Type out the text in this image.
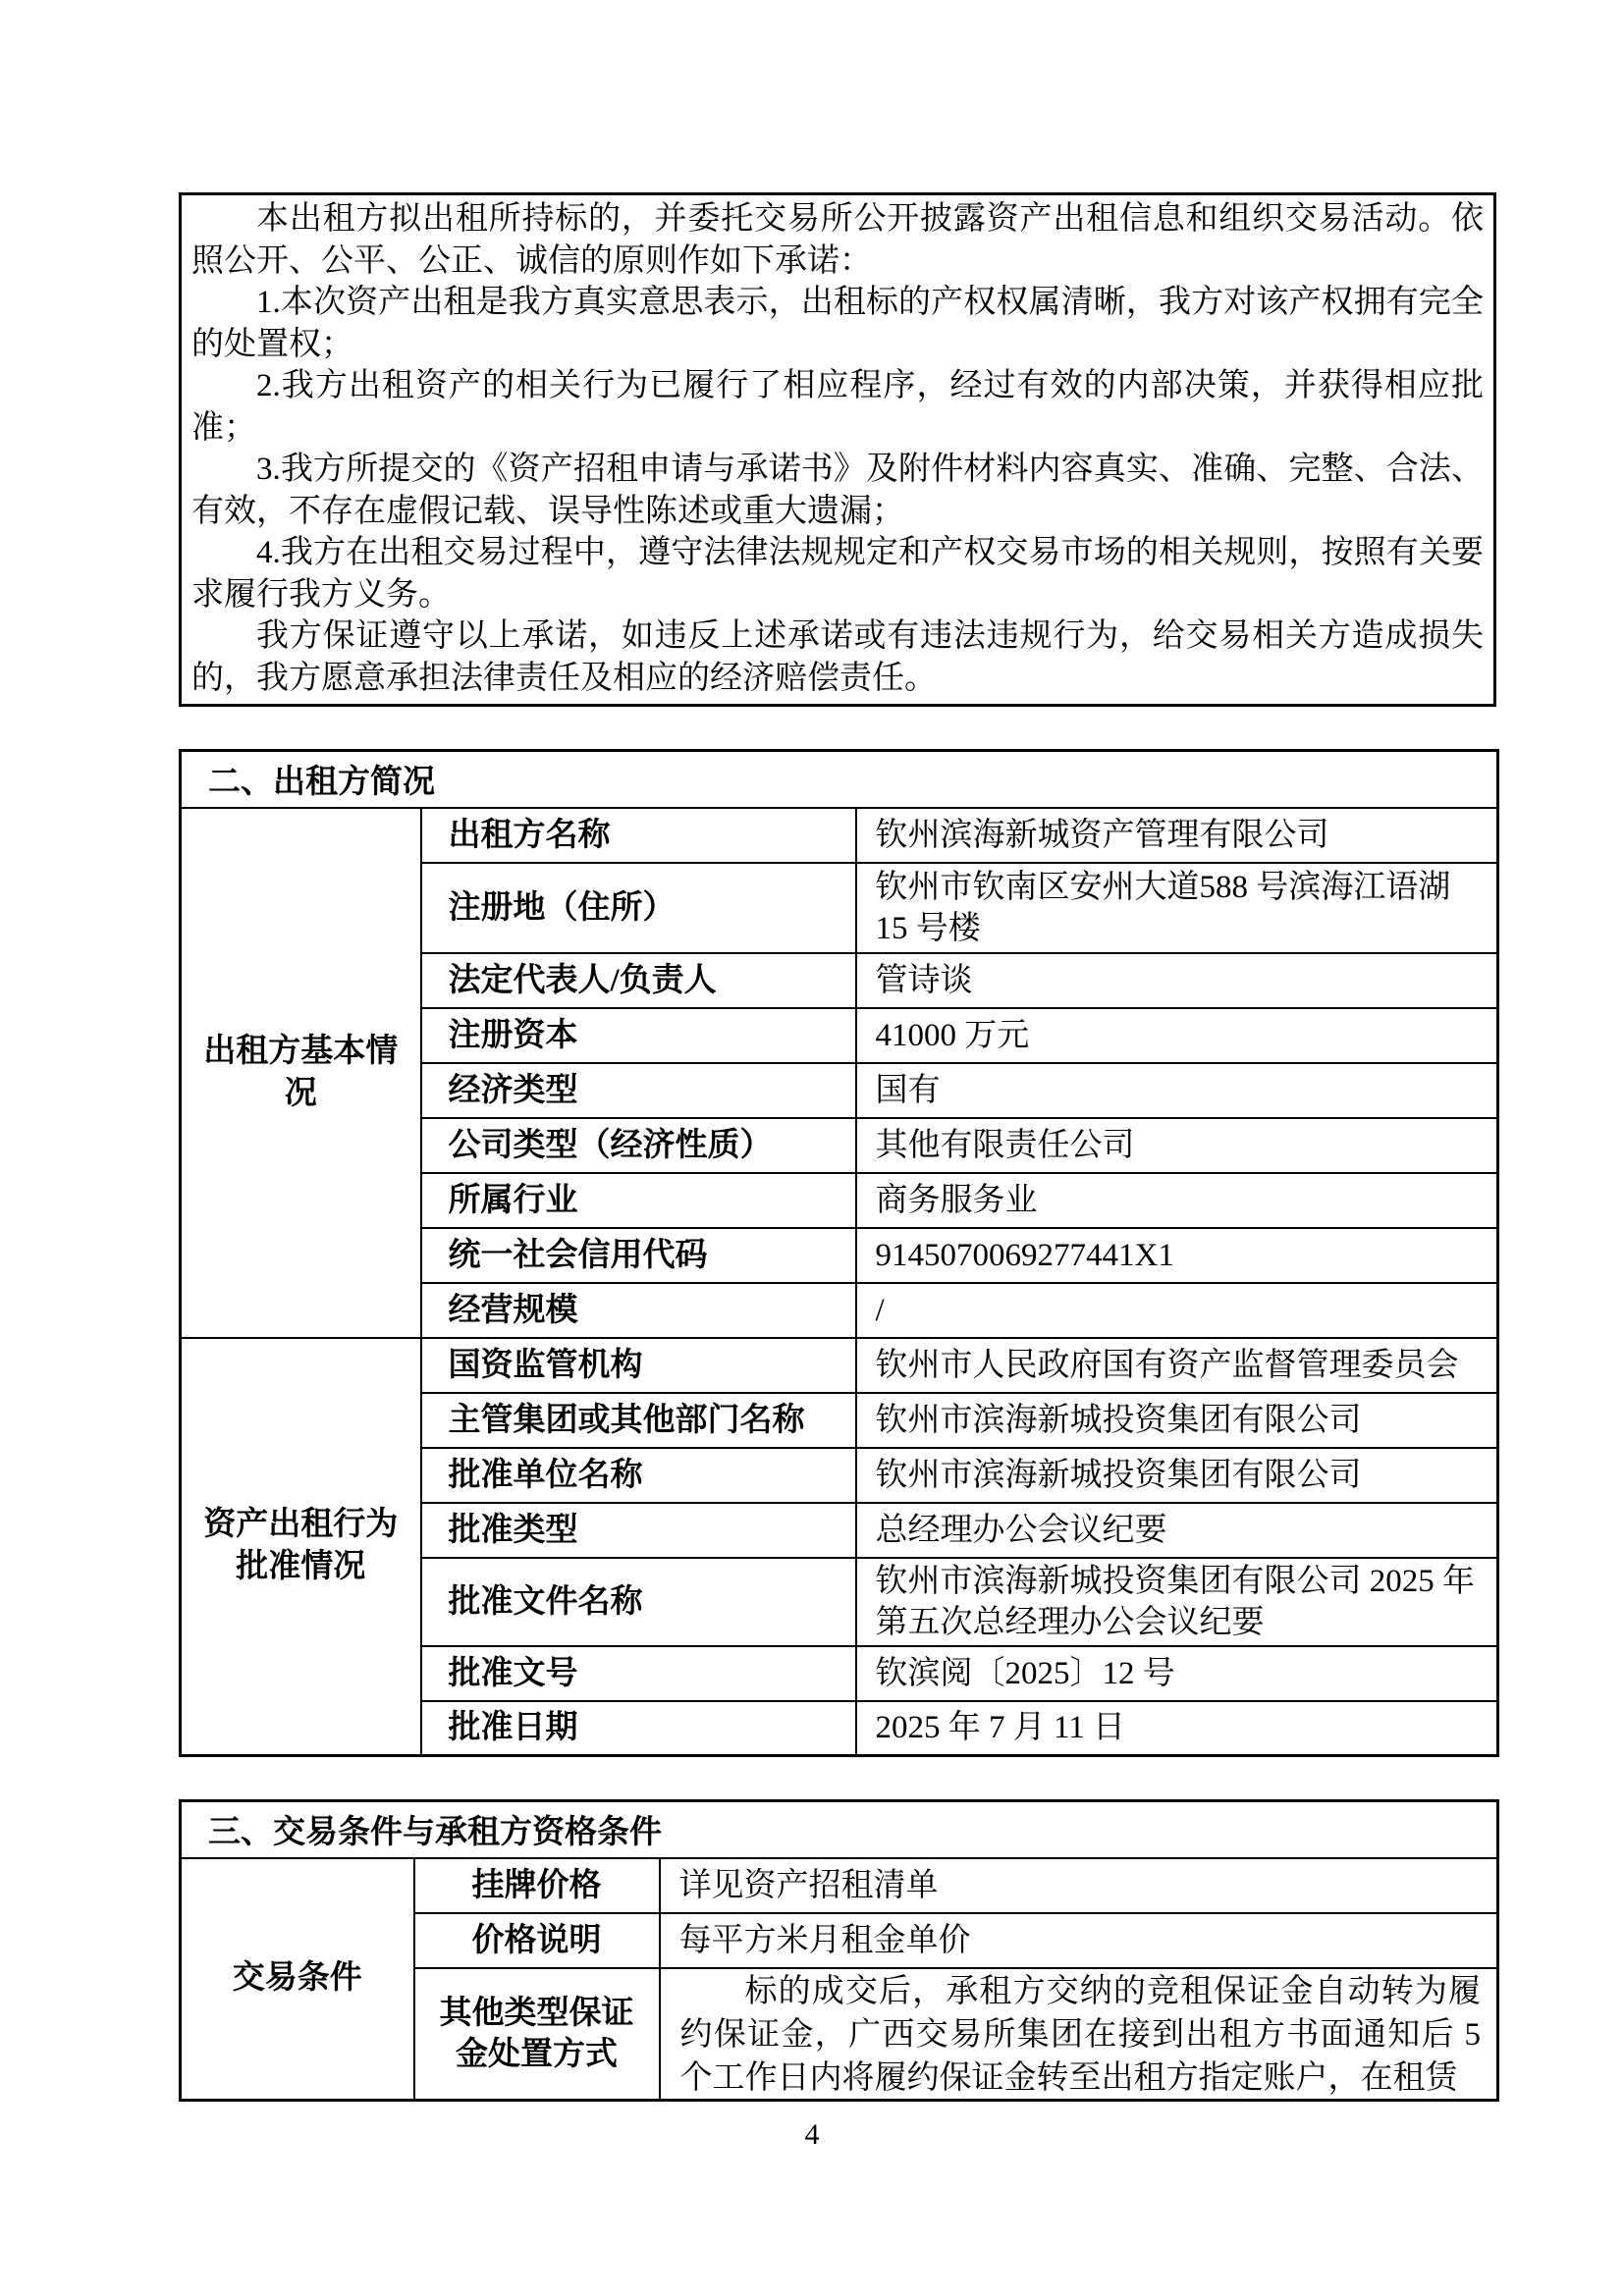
本出租方拟出租所持标的，并委托交易所公开披露资产出租信息和组织交易活动。依照公开、公平、公正、诚信的原则作如下承诺：

1.本次资产出租是我方真实意思表示，出租标的产权权属清晰，我方对该产权拥有完全的处置权；

2.我方出租资产的相关行为已履行了相应程序，经过有效的内部决策，并获得相应批准；

3.我方所提交的《资产招租申请与承诺书》及附件材料内容真实、准确、完整、合法、有效，不存在虚假记载、误导性陈述或重大遗漏；

4.我方在出租交易过程中，遵守法律法规规定和产权交易市场的相关规则，按照有关要求履行我方义务。

我方保证遵守以上承诺，如违反上述承诺或有违法违规行为，给交易相关方造成损失的，我方愿意承担法律责任及相应的经济赔偿责任。

二、出租方简况		
出租方基本情况	出租方名称	钦州滨海新城资产管理有限公司
	注册地（住所）	钦州市钦南区安州大道588 号滨海江语湖15 号楼
	法定代表人/负责人	管诗谈
	注册资本	41000 万元
	经济类型	国有
	公司类型（经济性质）	其他有限责任公司
	所属行业	商务服务业
	统一社会信用代码	9145070069277441X1
	经营规模	/
资产出租行为批准情况	国资监管机构	钦州市人民政府国有资产监督管理委员会
	主管集团或其他部门名称	钦州市滨海新城投资集团有限公司
	批准单位名称	钦州市滨海新城投资集团有限公司
	批准类型	总经理办公会议纪要
	批准文件名称	钦州市滨海新城投资集团有限公司 2025 年第五次总经理办公会议纪要
	批准文号	钦滨阅〔2025〕12 号
	批准日期	2025 年 7 月 11 日
三、交易条件与承租方资格条件		
交易条件	挂牌价格	详见资产招租清单
	价格说明	每平方米月租金单价
	其他类型保证金处置方式	标的成交后，承租方交纳的竞租保证金自动转为履约保证金，广西交易所集团在接到出租方书面通知后 5 个工作日内将履约保证金转至出租方指定账户，在租赁

4
